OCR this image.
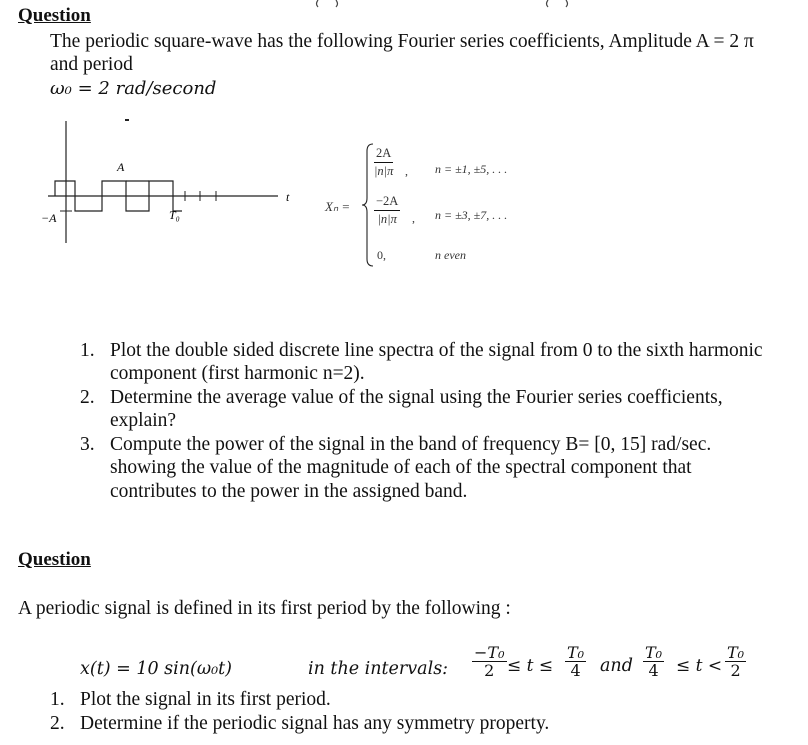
Question
The periodic square-wave has the following Fourier series coefficients, Amplitude A = 2 π
and period
ω₀ = 2 rad/second
A
−A	T₀
t
Xₙ =
$\frac{2A}{|n|\pi}$ , n = ±1, ±5, . . .
$\frac{-2A}{|n|\pi}$ , n = ±3, ±7, . . .
0,	n even
1. Plot the double sided discrete line spectra of the signal from 0 to the sixth harmonic
component (first harmonic n=2).
2. Determine the average value of the signal using the Fourier series coefficients,
explain?
3. Compute the power of the signal in the band of frequency B= [0, 15] rad/sec.
showing the value of the magnitude of each of the spectral component that
contributes to the power in the assigned band.
Question
A periodic signal is defined in its first period by the following :
x(t) = 10 sin(ω₀t)	in the intervals: $\frac{\text{−T₀}}{2} \le t \le \frac{\text{T₀}}{4}$ and $\frac{\text{T₀}}{4} \le t < \frac{\text{T₀}}{2}$
1. Plot the signal in its first period.
2. Determine if the periodic signal has any symmetry property.
